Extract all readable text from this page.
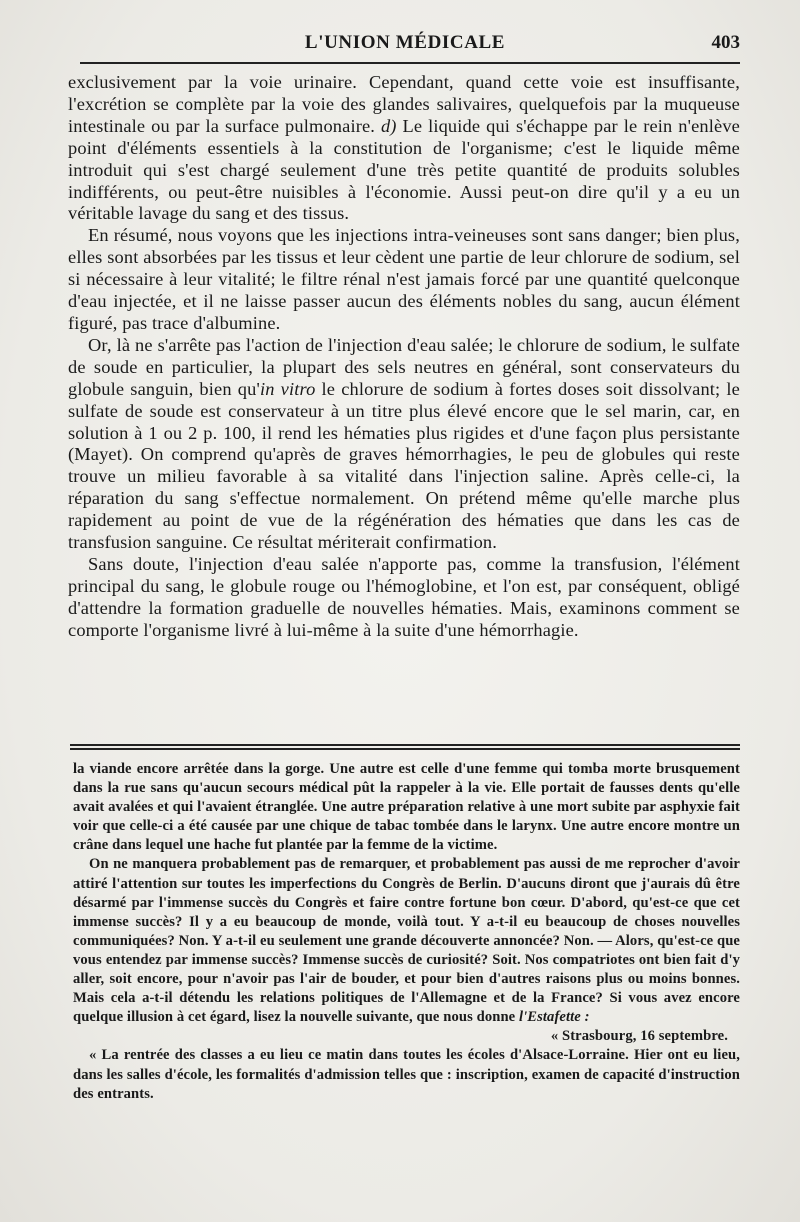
L'UNION MÉDICALE	403

exclusivement par la voie urinaire. Cependant, quand cette voie est insuffisante, l'excrétion se complète par la voie des glandes salivaires, quelquefois par la muqueuse intestinale ou par la surface pulmonaire. d) Le liquide qui s'échappe par le rein n'enlève point d'éléments essentiels à la constitution de l'organisme; c'est le liquide même introduit qui s'est chargé seulement d'une très petite quantité de produits solubles indifférents, ou peut-être nuisibles à l'économie. Aussi peut-on dire qu'il y a eu un véritable lavage du sang et des tissus.

En résumé, nous voyons que les injections intra-veineuses sont sans danger; bien plus, elles sont absorbées par les tissus et leur cèdent une partie de leur chlorure de sodium, sel si nécessaire à leur vitalité; le filtre rénal n'est jamais forcé par une quantité quelconque d'eau injectée, et il ne laisse passer aucun des éléments nobles du sang, aucun élément figuré, pas trace d'albumine.

Or, là ne s'arrête pas l'action de l'injection d'eau salée; le chlorure de sodium, le sulfate de soude en particulier, la plupart des sels neutres en général, sont conservateurs du globule sanguin, bien qu'in vitro le chlorure de sodium à fortes doses soit dissolvant; le sulfate de soude est conservateur à un titre plus élevé encore que le sel marin, car, en solution à 1 ou 2 p. 100, il rend les hématies plus rigides et d'une façon plus persistante (Mayet). On comprend qu'après de graves hémorrhagies, le peu de globules qui reste trouve un milieu favorable à sa vitalité dans l'injection saline. Après celle-ci, la réparation du sang s'effectue normalement. On prétend même qu'elle marche plus rapidement au point de vue de la régénération des hématies que dans les cas de transfusion sanguine. Ce résultat mériterait confirmation.

Sans doute, l'injection d'eau salée n'apporte pas, comme la transfusion, l'élément principal du sang, le globule rouge ou l'hémoglobine, et l'on est, par conséquent, obligé d'attendre la formation graduelle de nouvelles hématies. Mais, examinons comment se comporte l'organisme livré à lui-même à la suite d'une hémorrhagie.

la viande encore arrêtée dans la gorge. Une autre est celle d'une femme qui tomba morte brusquement dans la rue sans qu'aucun secours médical pût la rappeler à la vie. Elle portait de fausses dents qu'elle avait avalées et qui l'avaient étranglée. Une autre préparation relative à une mort subite par asphyxie fait voir que celle-ci a été causée par une chique de tabac tombée dans le larynx. Une autre encore montre un crâne dans lequel une hache fut plantée par la femme de la victime.

On ne manquera probablement pas de remarquer, et probablement pas aussi de me reprocher d'avoir attiré l'attention sur toutes les imperfections du Congrès de Berlin. D'aucuns diront que j'aurais dû être désarmé par l'immense succès du Congrès et faire contre fortune bon cœur. D'abord, qu'est-ce que cet immense succès? Il y a eu beaucoup de monde, voilà tout. Y a-t-il eu beaucoup de choses nouvelles communiquées? Non. Y a-t-il eu seulement une grande découverte annoncée? Non. — Alors, qu'est-ce que vous entendez par immense succès? Immense succès de curiosité? Soit. Nos compatriotes ont bien fait d'y aller, soit encore, pour n'avoir pas l'air de bouder, et pour bien d'autres raisons plus ou moins bonnes. Mais cela a-t-il détendu les relations politiques de l'Allemagne et de la France? Si vous avez encore quelque illusion à cet égard, lisez la nouvelle suivante, que nous donne l'Estafette :

« Strasbourg, 16 septembre.

« La rentrée des classes a eu lieu ce matin dans toutes les écoles d'Alsace-Lorraine. Hier ont eu lieu, dans les salles d'école, les formalités d'admission telles que : inscription, examen de capacité d'instruction des entrants.
